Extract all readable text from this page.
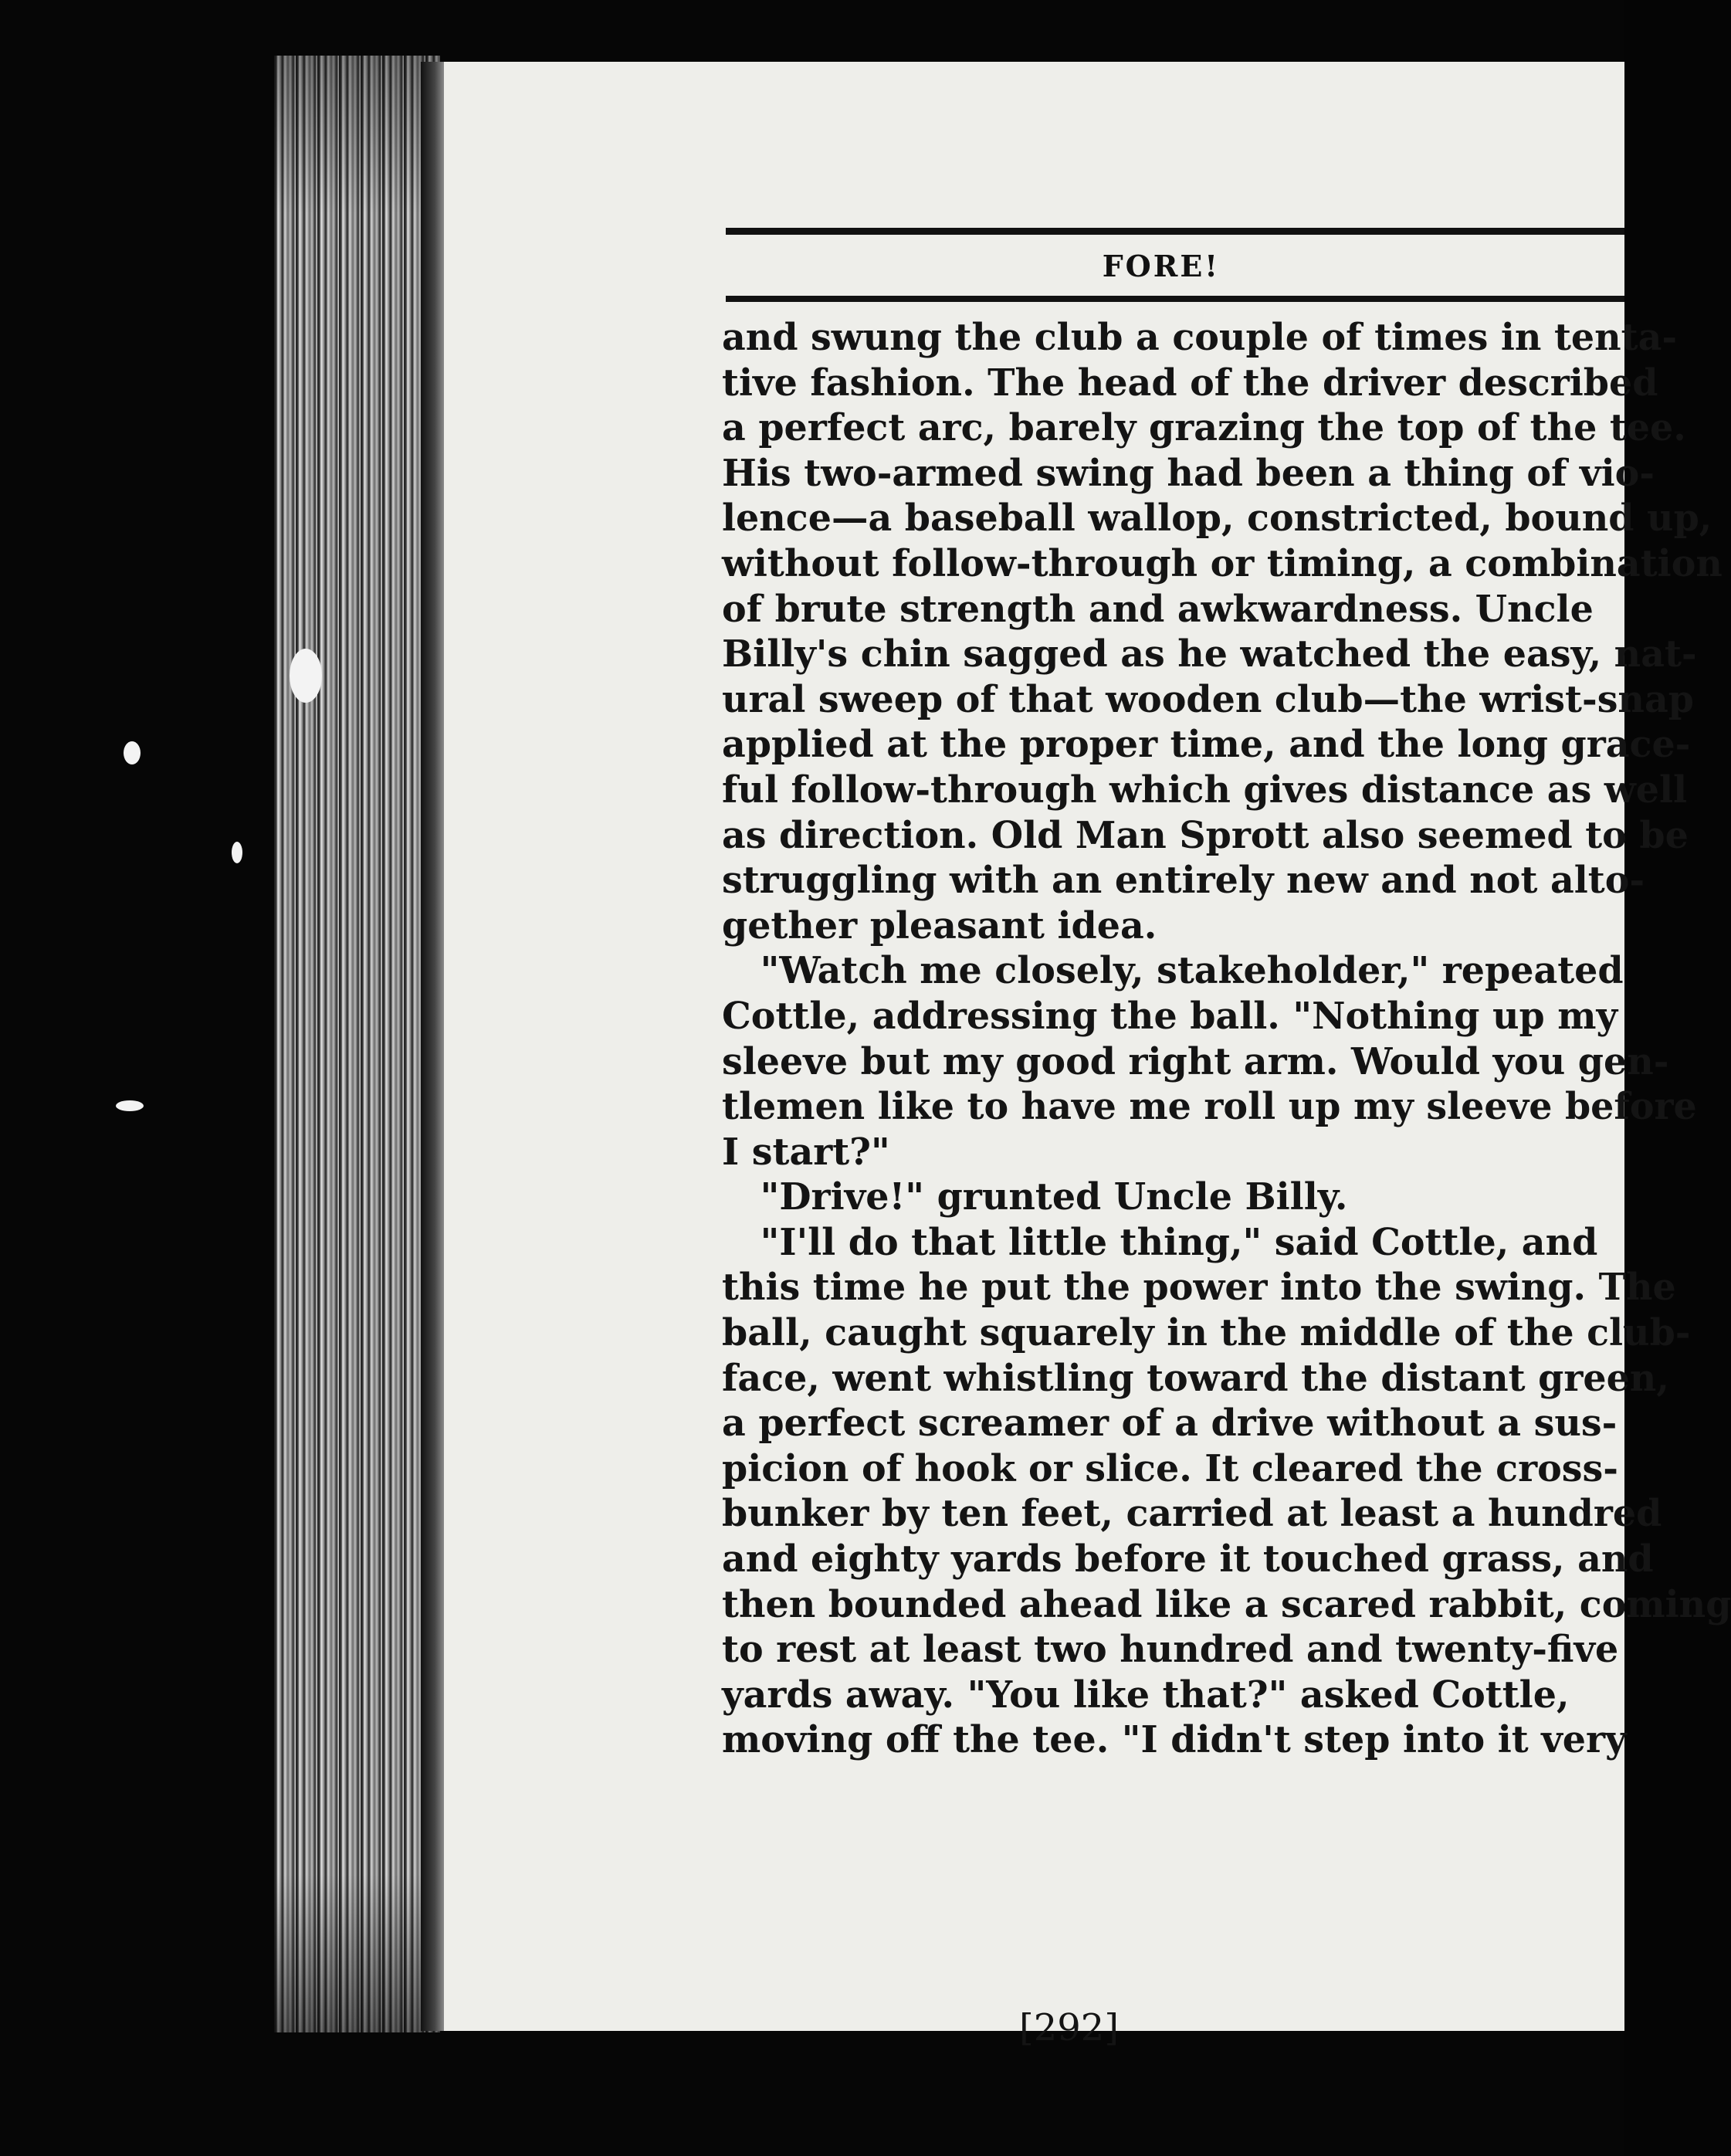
FORE!
and swung the club a couple of times in tenta-
tive fashion. The head of the driver described
a perfect arc, barely grazing the top of the tee.
His two-armed swing had been a thing of vio-
lence—a baseball wallop, constricted, bound up,
without follow-through or timing, a combination
of brute strength and awkwardness. Uncle
Billy's chin sagged as he watched the easy, nat-
ural sweep of that wooden club—the wrist-snap
applied at the proper time, and the long grace-
ful follow-through which gives distance as well
as direction. Old Man Sprott also seemed to be
struggling with an entirely new and not alto-
gether pleasant idea.
"Watch me closely, stakeholder," repeated
Cottle, addressing the ball. "Nothing up my
sleeve but my good right arm. Would you gen-
tlemen like to have me roll up my sleeve before
I start?"
"Drive!" grunted Uncle Billy.
"I'll do that little thing," said Cottle, and
this time he put the power into the swing. The
ball, caught squarely in the middle of the club-
face, went whistling toward the distant green,
a perfect screamer of a drive without a sus-
picion of hook or slice. It cleared the cross-
bunker by ten feet, carried at least a hundred
and eighty yards before it touched grass, and
then bounded ahead like a scared rabbit, coming
to rest at least two hundred and twenty-five
yards away. "You like that?" asked Cottle,
moving off the tee. "I didn't step into it very
[292]
